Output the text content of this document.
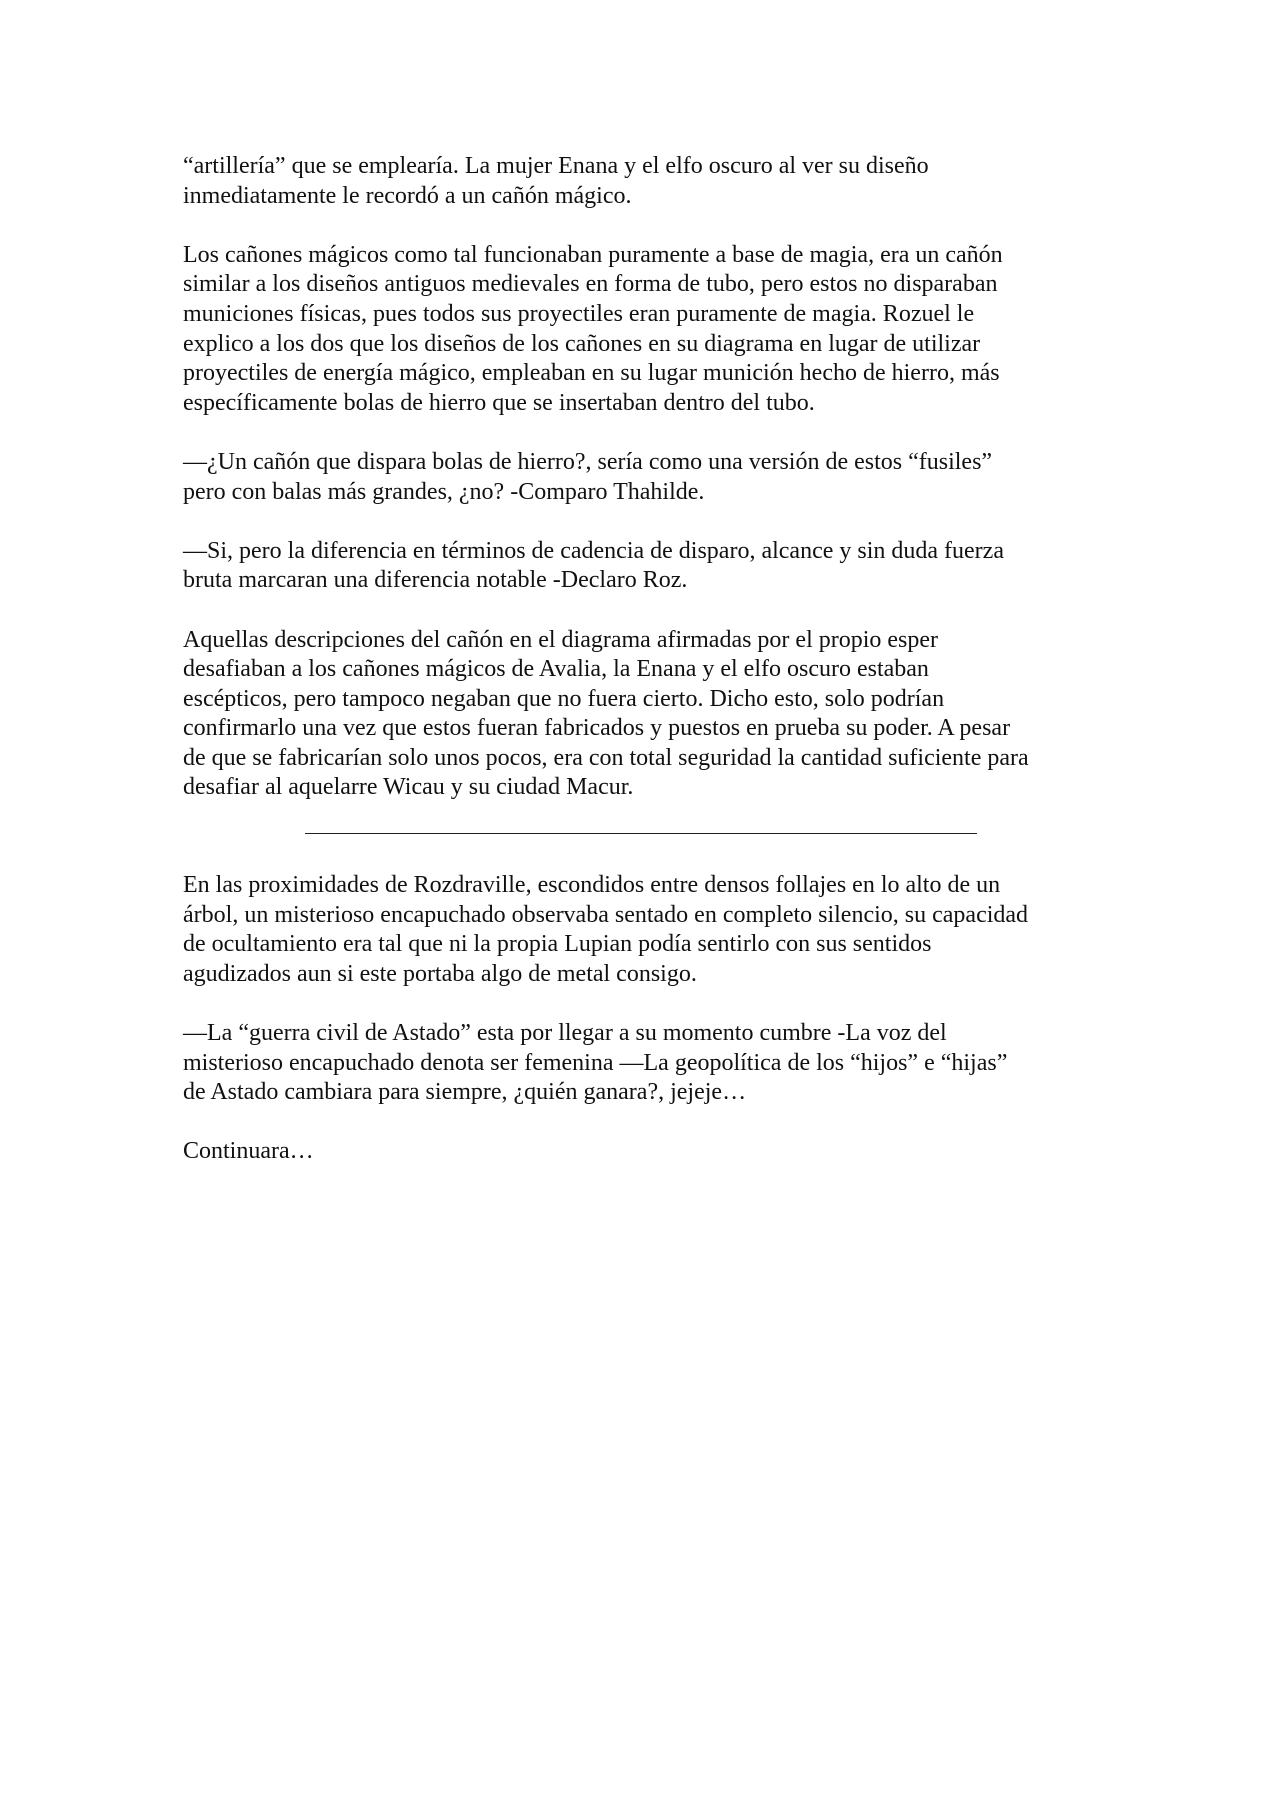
“artillería” que se emplearía. La mujer Enana y el elfo oscuro al ver su diseño
inmediatamente le recordó a un cañón mágico.

Los cañones mágicos como tal funcionaban puramente a base de magia, era un cañón
similar a los diseños antiguos medievales en forma de tubo, pero estos no disparaban
municiones físicas, pues todos sus proyectiles eran puramente de magia. Rozuel le
explico a los dos que los diseños de los cañones en su diagrama en lugar de utilizar
proyectiles de energía mágico, empleaban en su lugar munición hecho de hierro, más
específicamente bolas de hierro que se insertaban dentro del tubo.

—¿Un cañón que dispara bolas de hierro?, sería como una versión de estos “fusiles”
pero con balas más grandes, ¿no? -Comparo Thahilde.

—Si, pero la diferencia en términos de cadencia de disparo, alcance y sin duda fuerza
bruta marcaran una diferencia notable -Declaro Roz.

Aquellas descripciones del cañón en el diagrama afirmadas por el propio esper
desafiaban a los cañones mágicos de Avalia, la Enana y el elfo oscuro estaban
escépticos, pero tampoco negaban que no fuera cierto. Dicho esto, solo podrían
confirmarlo una vez que estos fueran fabricados y puestos en prueba su poder. A pesar
de que se fabricarían solo unos pocos, era con total seguridad la cantidad suficiente para
desafiar al aquelarre Wicau y su ciudad Macur.

En las proximidades de Rozdraville, escondidos entre densos follajes en lo alto de un
árbol, un misterioso encapuchado observaba sentado en completo silencio, su capacidad
de ocultamiento era tal que ni la propia Lupian podía sentirlo con sus sentidos
agudizados aun si este portaba algo de metal consigo.

—La “guerra civil de Astado” esta por llegar a su momento cumbre -La voz del
misterioso encapuchado denota ser femenina —La geopolítica de los “hijos” e “hijas”
de Astado cambiara para siempre, ¿quién ganara?, jejeje…

Continuara…
